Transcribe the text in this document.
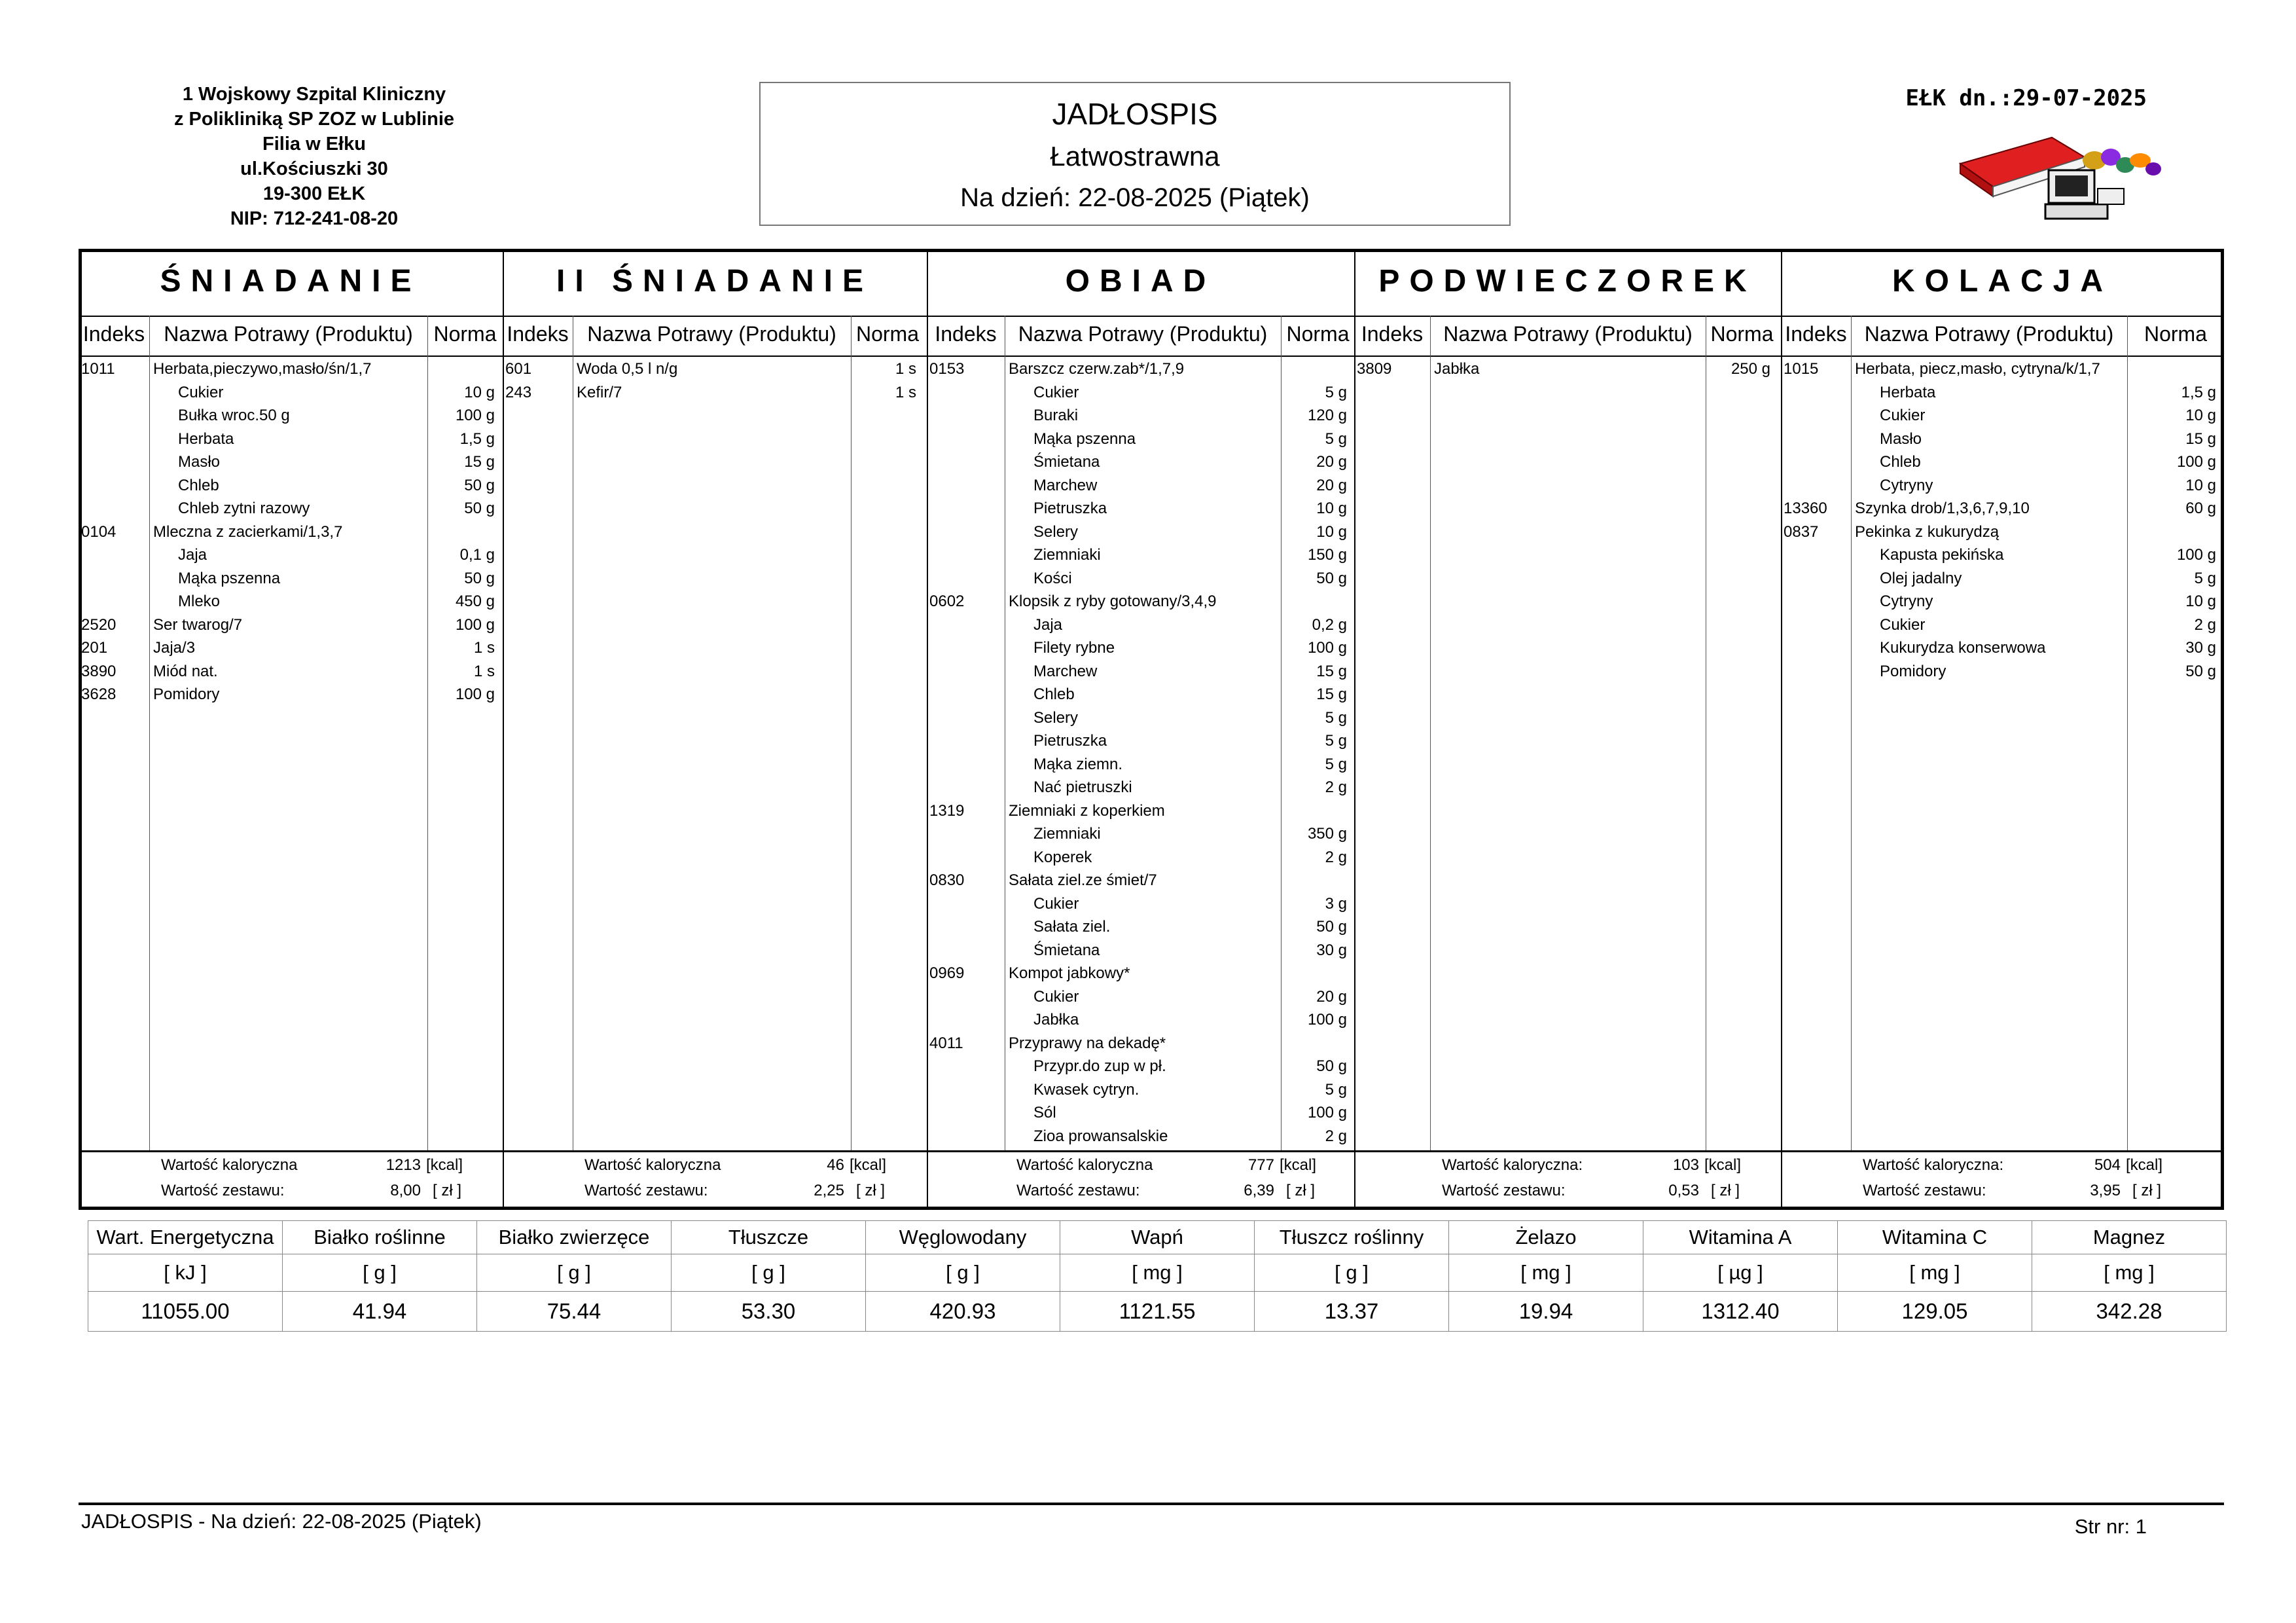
1 Wojskowy Szpital Kliniczny
z Polikliniką SP ZOZ w Lublinie
Filia w Ełku
ul.Kościuszki 30
19-300 EŁK
NIP: 712-241-08-20
JADŁOSPIS
Łatwostrawna
Na dzień: 22-08-2025 (Piątek)
EŁK dn.:29-07-2025
ŚNIADANIE
Indeks Nazwa Potrawy (Produktu) Norma
1011 Herbata,pieczywo,masło/śn/1,7
Cukier	10 g
Bułka wroc.50 g	100 g
Herbata	1,5 g
Masło	15 g
Chleb	50 g
Chleb zytni razowy	50 g
0104 Mleczna z zacierkami/1,3,7
Jaja	0,1 g
Mąka pszenna	50 g
Mleko	450 g
2520 Ser twarog/7	100 g
201	Jaja/3	1 s
3890 Miód nat.	1 s
3628 Pomidory	100 g
Wartość kaloryczna
Wartość zestawu:
1213 [kcal]
8,00 [ zł ]
II ŚNIADANIE
Indeks Nazwa Potrawy (Produktu) Norma
601	Woda 0,5 l n/g	1 s
243	Kefir/7	1 s
Wartość kaloryczna
Wartość zestawu:
46 [kcal]
2,25 [ zł ]
OBIAD
Indeks	Nazwa Potrawy (Produktu) Norma
0153	Barszcz czerw.zab*/1,7,9
Cukier	5 g
Buraki	120 g
Mąka pszenna	5 g
Śmietana	20 g
Marchew	20 g
Pietruszka	10 g
Selery	10 g
Ziemniaki	150 g
Kości	50 g
0602	Klopsik z ryby gotowany/3,4,9
Jaja	0,2 g
Filety rybne	100 g
Marchew	15 g
Chleb	15 g
Selery	5 g
Pietruszka	5 g
Mąka ziemn.	5 g
Nać pietruszki	2 g
1319	Ziemniaki z koperkiem
Ziemniaki	350 g
Koperek	2 g
0830	Sałata ziel.ze śmiet/7
Cukier	3 g
Sałata ziel.	50 g
Śmietana	30 g
0969	Kompot jabkowy*
Cukier	20 g
Jabłka	100 g
4011	Przyprawy na dekadę*
Przypr.do zup w pł.	50 g
Kwasek cytryn.	5 g
Sól	100 g
Zioa prowansalskie	2 g
Wartość kaloryczna
Wartość zestawu:
777 [kcal]
6,39 [ zł ]
PODWIECZOREK
Indeks Nazwa Potrawy (Produktu) Norma
3809	Jabłka	250 g
Wartość kaloryczna:
Wartość zestawu:
103 [kcal]
0,53 [ zł ]
KOLACJA
Indeks Nazwa Potrawy (Produktu)	Norma
1015 Herbata, piecz,masło, cytryna/k/1,7
Herbata	1,5 g
Cukier	10 g
Masło	15 g
Chleb	100 g
Cytryny	10 g
13360 Szynka drob/1,3,6,7,9,10	60 g
0837 Pekinka z kukurydzą
Kapusta pekińska	100 g
Olej jadalny	5 g
Cytryny	10 g
Cukier	2 g
Kukurydza konserwowa	30 g
Pomidory	50 g
Wartość kaloryczna:
Wartość zestawu:
504 [kcal]
3,95 [ zł ]
Wart. Energetyczna	Białko roślinne	Białko zwierzęce	Tłuszcze	Węglowodany	Wapń	Tłuszcz roślinny	Żelazo	Witamina A	Witamina C	Magnez
[ kJ ]	[ g ]	[ g ]	[ g ]	[ g ]	[ mg ]	[ g ]	[ mg ]	[ µg ]	[ mg ]	[ mg ]
11055.00	41.94	75.44	53.30	420.93	1121.55	13.37	19.94	1312.40	129.05	342.28
JADŁOSPIS - Na dzień: 22-08-2025 (Piątek)	Str nr: 1
